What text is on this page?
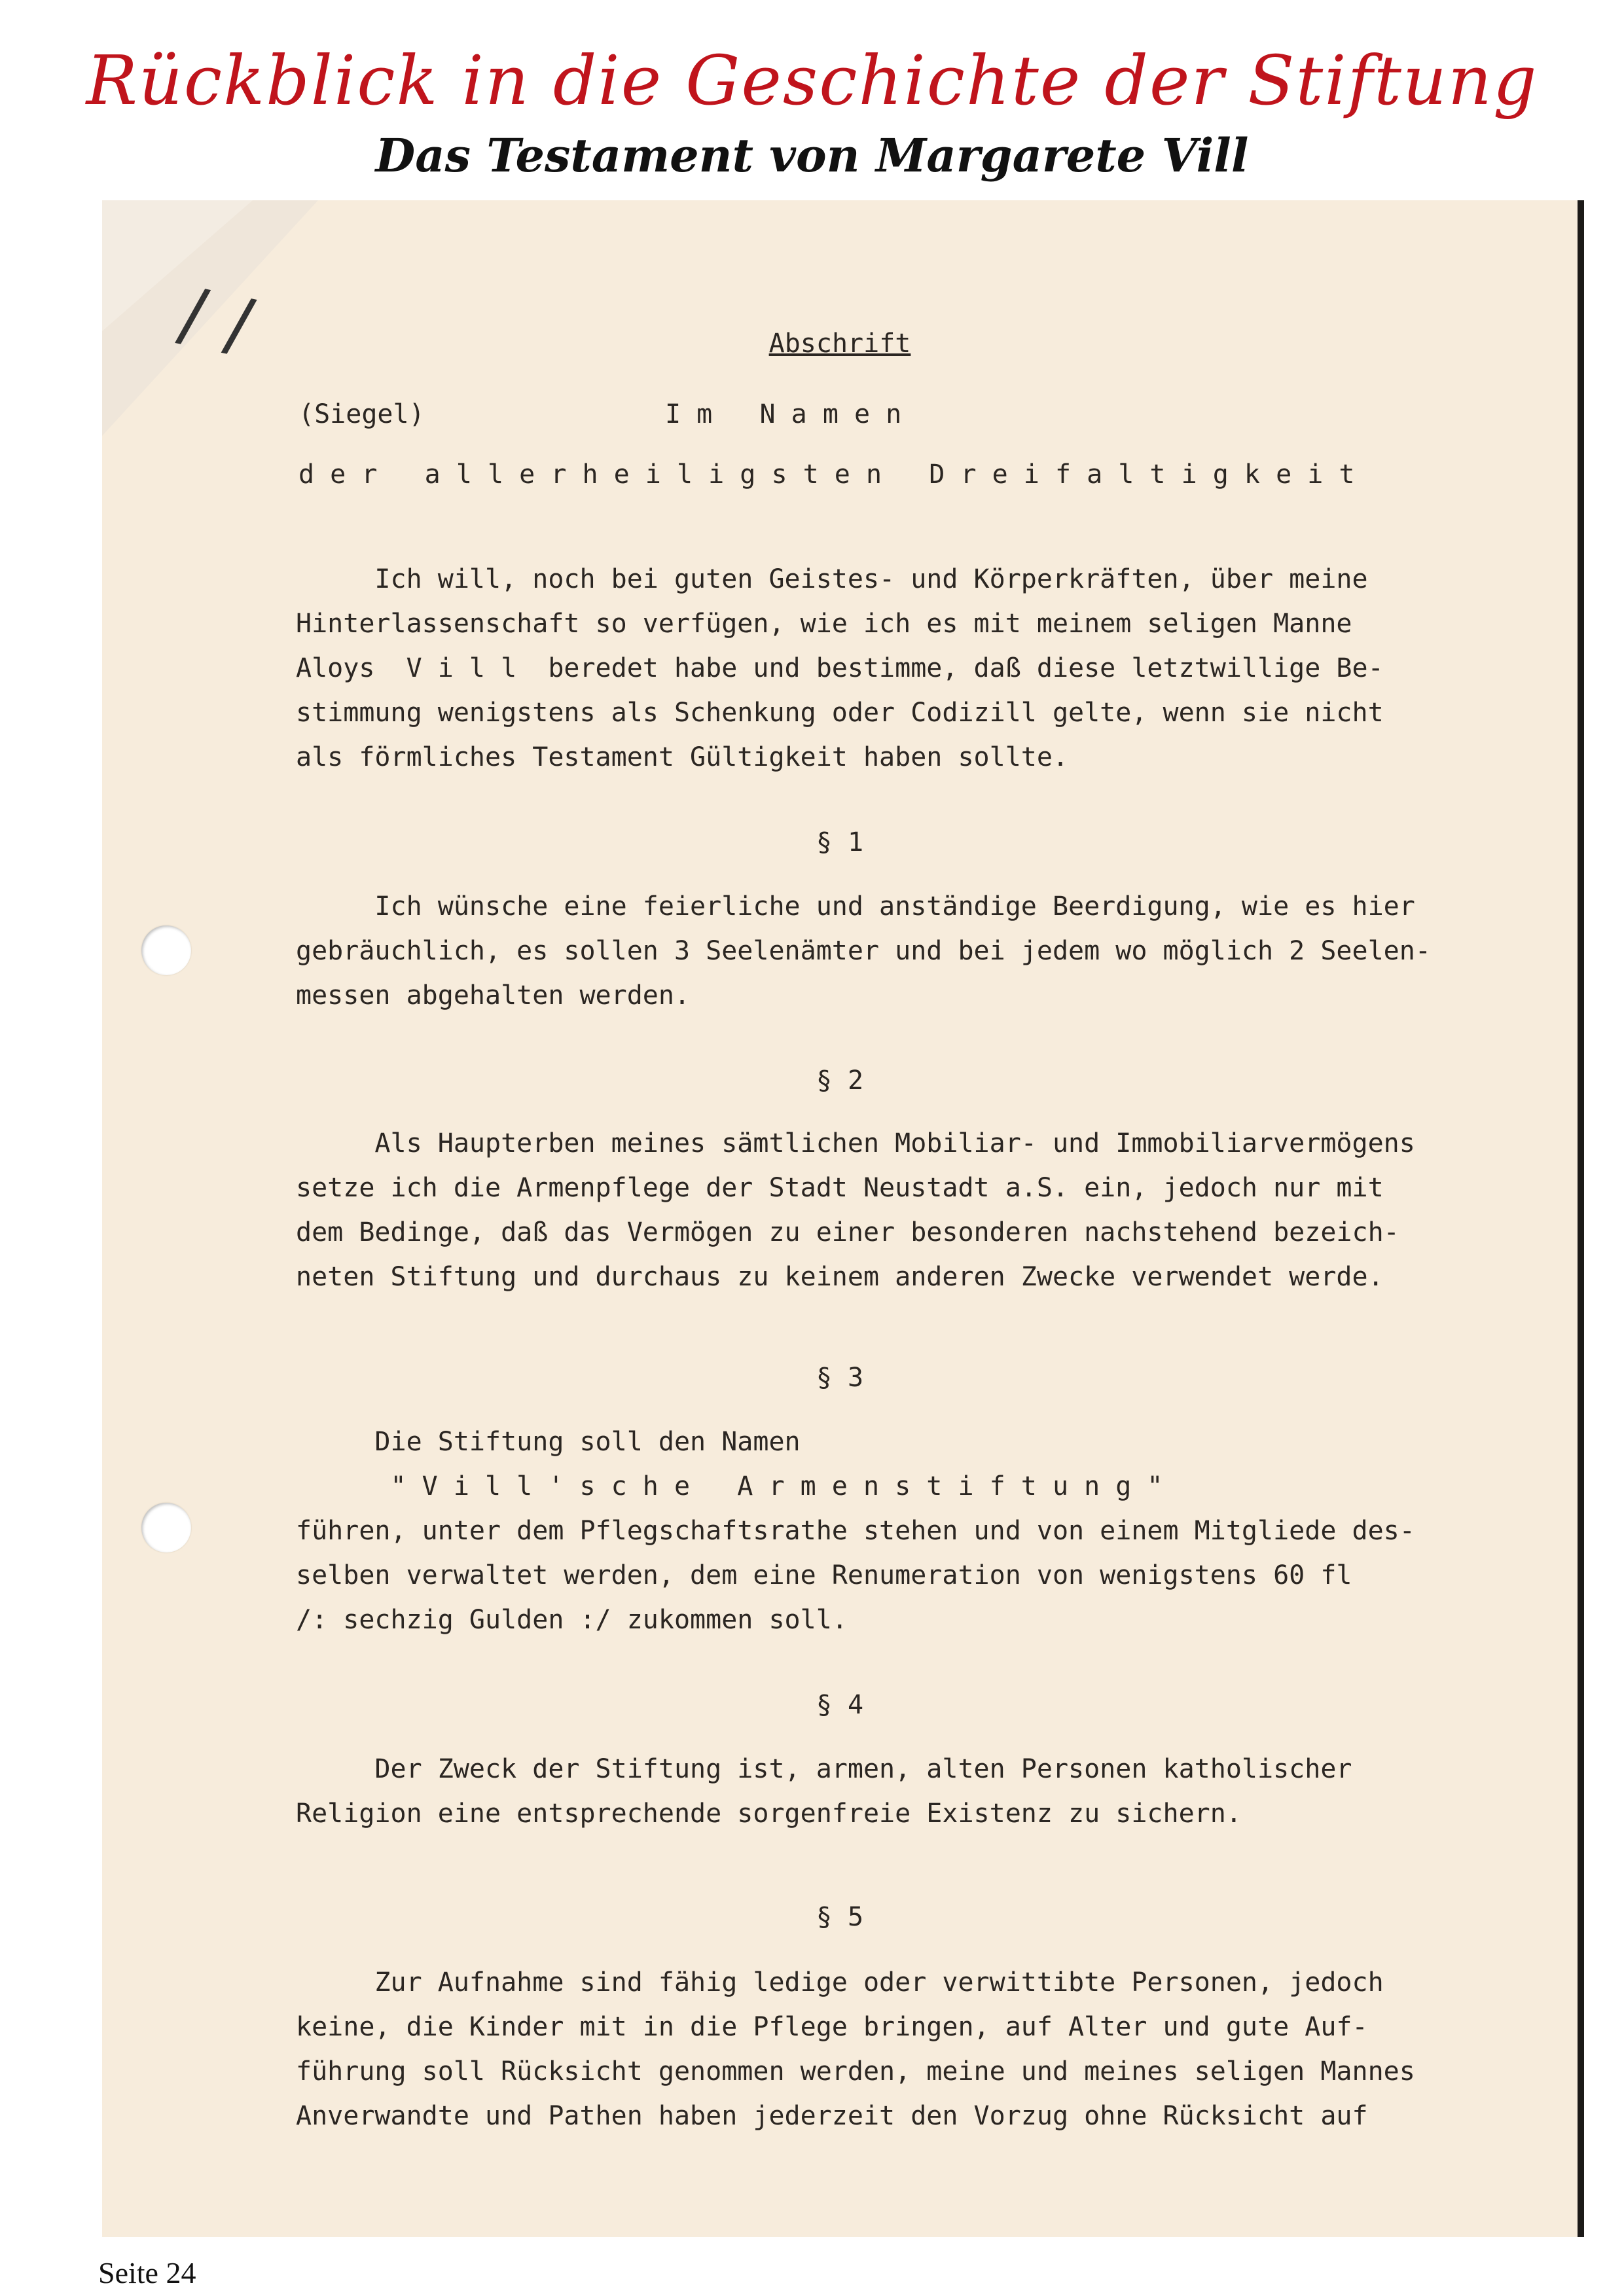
Rückblick in die Geschichte der Stiftung
Das Testament von Margarete Vill
/ /	Abschrift
(Siegel)	I m   N a m e n
d e r   a l l e r h e i l i g s t e n   D r e i f a l t i g k e i t
Ich will, noch bei guten Geistes- und Körperkräften, über meine
Hinterlassenschaft so verfügen, wie ich es mit meinem seligen Manne
Aloys  V i l l  beredet habe und bestimme, daß diese letztwillige Be-
stimmung wenigstens als Schenkung oder Codizill gelte, wenn sie nicht
als förmliches Testament Gültigkeit haben sollte.
§ 1
Ich wünsche eine feierliche und anständige Beerdigung, wie es hier
gebräuchlich, es sollen 3 Seelenämter und bei jedem wo möglich 2 Seelen-
messen abgehalten werden.
§ 2
Als Haupterben meines sämtlichen Mobiliar- und Immobiliarvermögens
setze ich die Armenpflege der Stadt Neustadt a.S. ein, jedoch nur mit
dem Bedinge, daß das Vermögen zu einer besonderen nachstehend bezeich-
neten Stiftung und durchaus zu keinem anderen Zwecke verwendet werde.
§ 3
Die Stiftung soll den Namen
" V i l l ' s c h e   A r m e n s t i f t u n g "
führen, unter dem Pflegschaftsrathe stehen und von einem Mitgliede des-
selben verwaltet werden, dem eine Renumeration von wenigstens 60 fl
/: sechzig Gulden :/ zukommen soll.
§ 4
Der Zweck der Stiftung ist, armen, alten Personen katholischer
Religion eine entsprechende sorgenfreie Existenz zu sichern.
§ 5
Zur Aufnahme sind fähig ledige oder verwittibte Personen, jedoch
keine, die Kinder mit in die Pflege bringen, auf Alter und gute Auf-
führung soll Rücksicht genommen werden, meine und meines seligen Mannes
Anverwandte und Pathen haben jederzeit den Vorzug ohne Rücksicht auf
Seite 24
